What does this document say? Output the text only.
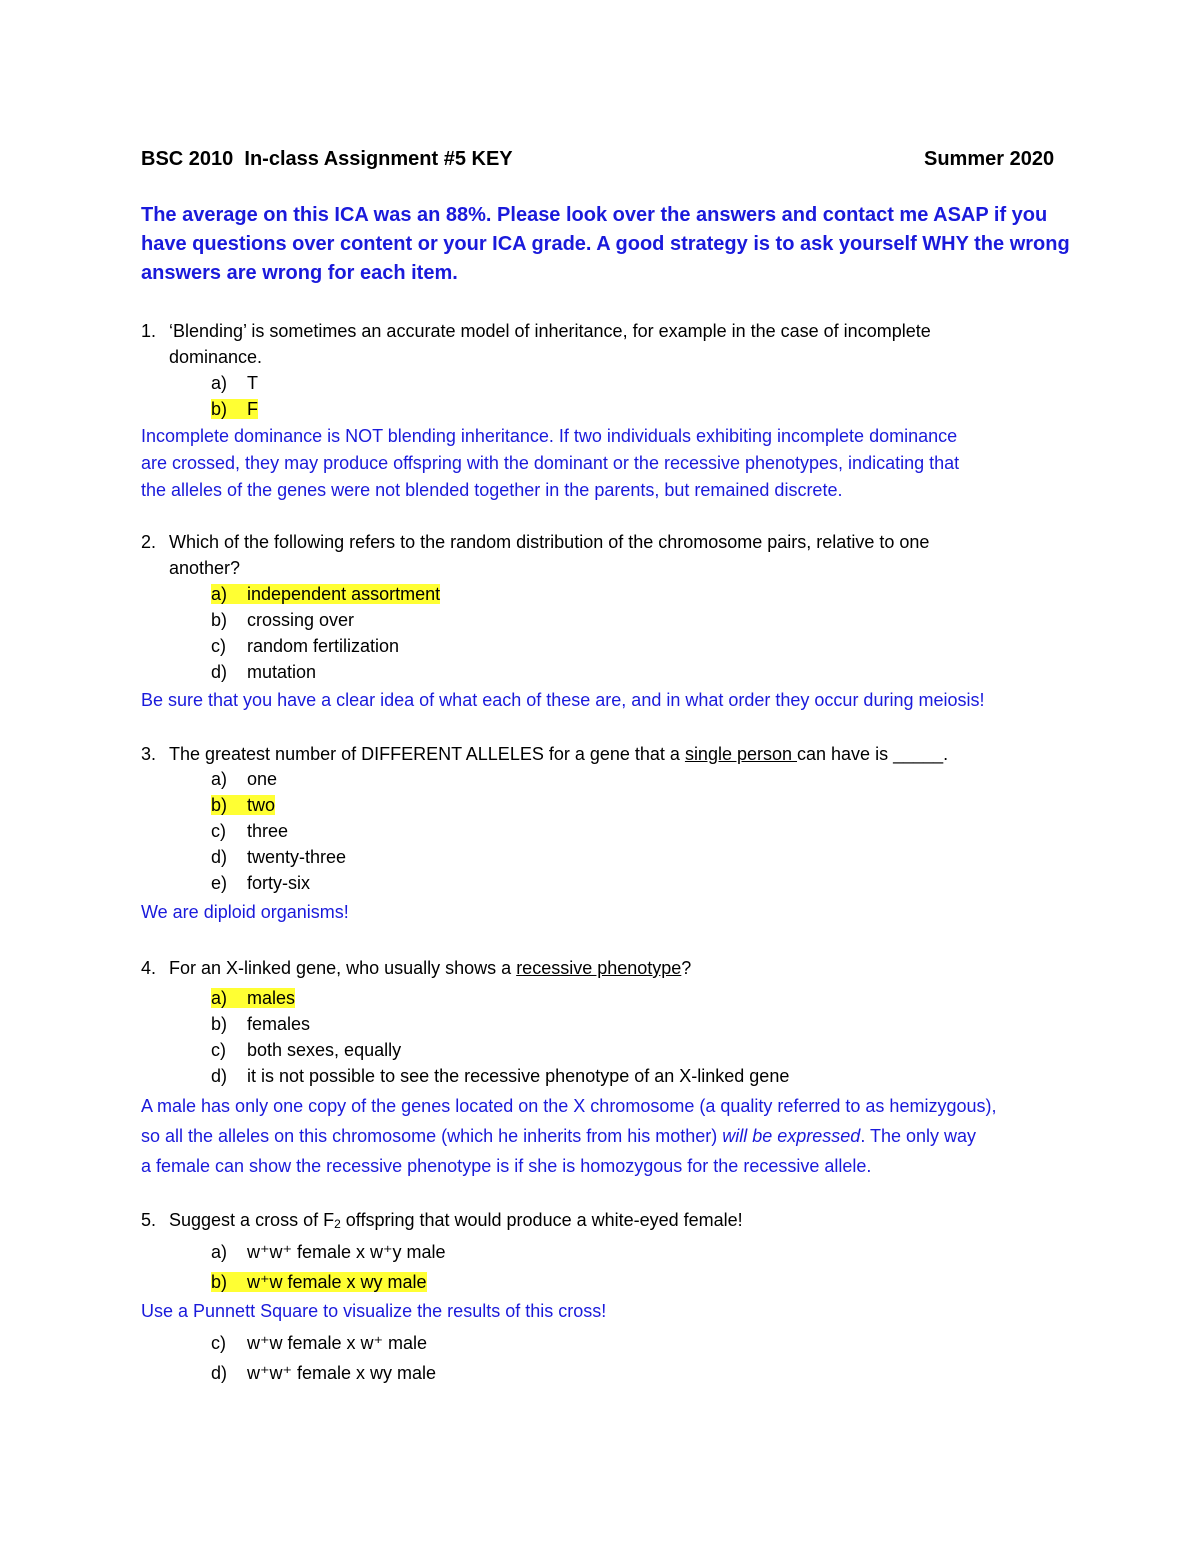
BSC 2010 In-class Assignment #5 KEY	Summer 2020
The average on this ICA was an 88%. Please look over the answers and contact me ASAP if you
have questions over content or your ICA grade. A good strategy is to ask yourself WHY the wrong
answers are wrong for each item.
1. ‘Blending’ is sometimes an accurate model of inheritance, for example in the case of incomplete
dominance.
a) T
b) F
Incomplete dominance is NOT blending inheritance. If two individuals exhibiting incomplete dominance
are crossed, they may produce offspring with the dominant or the recessive phenotypes, indicating that
the alleles of the genes were not blended together in the parents, but remained discrete.
2. Which of the following refers to the random distribution of the chromosome pairs, relative to one
another?
a) independent assortment
b) crossing over
c) random fertilization
d) mutation
Be sure that you have a clear idea of what each of these are, and in what order they occur during meiosis!
3. The greatest number of DIFFERENT ALLELES for a gene that a single person can have is _____.
a) one
b) two
c) three
d) twenty-three
e) forty-six
We are diploid organisms!
4. For an X-linked gene, who usually shows a recessive phenotype?
a) males
b) females
c) both sexes, equally
d) it is not possible to see the recessive phenotype of an X-linked gene
A male has only one copy of the genes located on the X chromosome (a quality referred to as hemizygous),
so all the alleles on this chromosome (which he inherits from his mother) will be expressed. The only way
a female can show the recessive phenotype is if she is homozygous for the recessive allele.
5. Suggest a cross of $F_2$ offspring that would produce a white-eyed female!
a) w⁺w⁺ female x w⁺y male
b) w⁺w female x wy male
Use a Punnett Square to visualize the results of this cross!
c) w⁺w female x w⁺ male
d) w⁺w⁺ female x wy male
